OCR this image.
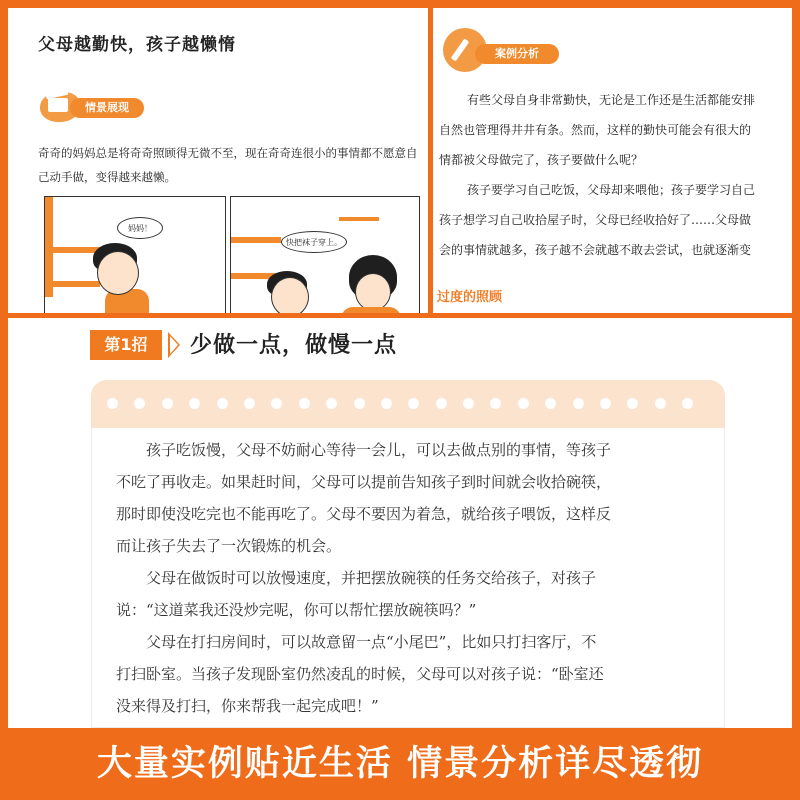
父母越勤快，孩子越懒惰
情景展现
奇奇的妈妈总是将奇奇照顾得无微不至，现在奇奇连很小的事情都不愿意自
己动手做，变得越来越懒。
妈妈！
快把袜子穿上。
案例分析
有些父母自身非常勤快，无论是工作还是生活都能安排
自然也管理得井井有条。然而，这样的勤快可能会有很大的
情都被父母做完了，孩子要做什么呢？
孩子要学习自己吃饭，父母却来喂他；孩子要学习自己
孩子想学习自己收拾屋子时，父母已经收拾好了……父母做
会的事情就越多，孩子越不会就越不敢去尝试，也就逐渐变
过度的照顾
第1招	少做一点，做慢一点

孩子吃饭慢，父母不妨耐心等待一会儿，可以去做点别的事情，等孩子

不吃了再收走。如果赶时间，父母可以提前告知孩子到时间就会收拾碗筷，

那时即使没吃完也不能再吃了。父母不要因为着急，就给孩子喂饭，这样反

而让孩子失去了一次锻炼的机会。

父母在做饭时可以放慢速度，并把摆放碗筷的任务交给孩子，对孩子

说：“这道菜我还没炒完呢，你可以帮忙摆放碗筷吗？”

父母在打扫房间时，可以故意留一点“小尾巴”，比如只打扫客厅，不

打扫卧室。当孩子发现卧室仍然凌乱的时候，父母可以对孩子说：“卧室还

没来得及打扫，你来帮我一起完成吧！”

大量实例贴近生活 情景分析详尽透彻
